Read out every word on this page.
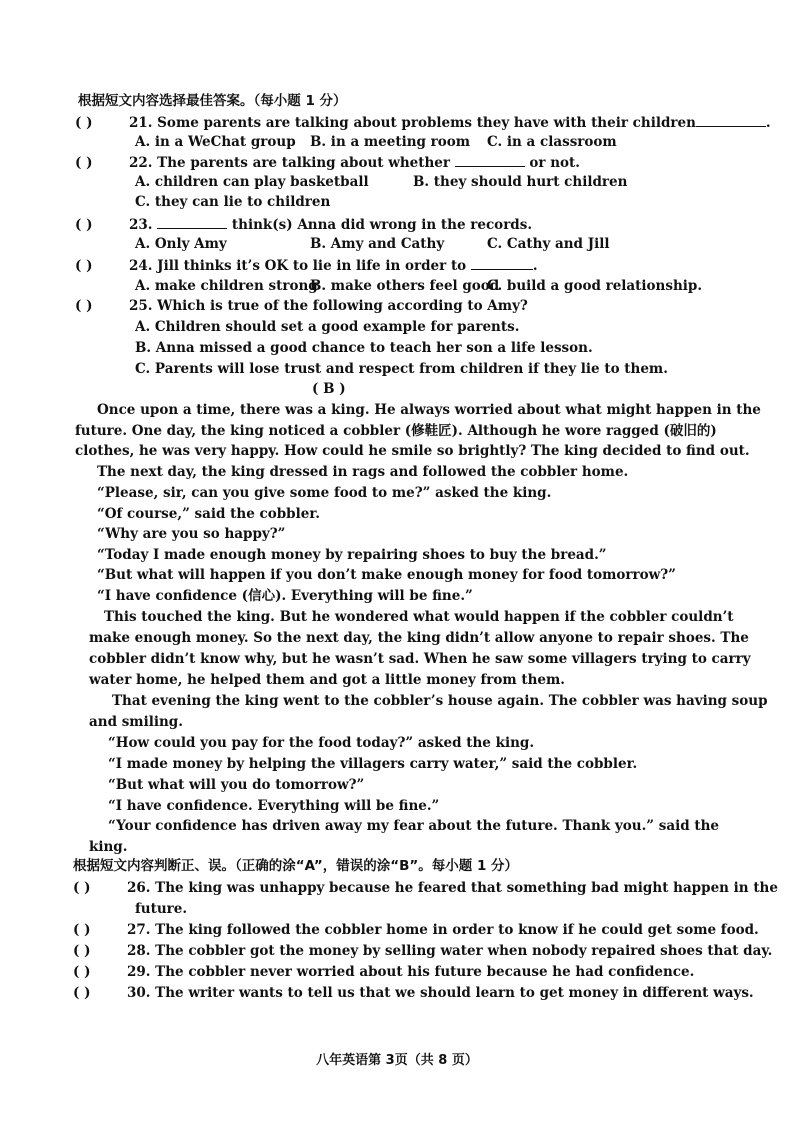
根据短文内容选择最佳答案。（每小题 1 分）
( )	21. Some parents are talking about problems they have with their children	.
A. in a WeChat group B. in a meeting room C. in a classroom
( )	22. The parents are talking about whether	or not.
A. children can play basketball	B. they should hurt children
C. they can lie to children
( )	23.	think(s) Anna did wrong in the records.
A. Only Amy	B. Amy and Cathy	C. Cathy and Jill
( )	24. Jill thinks it’s OK to lie in life in order to	.
A. make children strong
B. make others feel good
C. build a good relationship.
( )	25. Which is true of the following according to Amy?
A. Children should set a good example for parents.
B. Anna missed a good chance to teach her son a life lesson.
C. Parents will lose trust and respect from children if they lie to them.
( B )
Once upon a time, there was a king. He always worried about what might happen in the
future. One day, the king noticed a cobbler (修鞋匠). Although he wore ragged (破旧的)
clothes, he was very happy. How could he smile so brightly? The king decided to find out.
The next day, the king dressed in rags and followed the cobbler home.
“Please, sir, can you give some food to me?” asked the king.
“Of course,” said the cobbler.
“Why are you so happy?”
“Today I made enough money by repairing shoes to buy the bread.”
“But what will happen if you don’t make enough money for food tomorrow?”
“I have confidence (信心). Everything will be fine.”
This touched the king. But he wondered what would happen if the cobbler couldn’t
make enough money. So the next day, the king didn’t allow anyone to repair shoes. The
cobbler didn’t know why, but he wasn’t sad. When he saw some villagers trying to carry
water home, he helped them and got a little money from them.
That evening the king went to the cobbler’s house again. The cobbler was having soup
and smiling.
“How could you pay for the food today?” asked the king.
“I made money by helping the villagers carry water,” said the cobbler.
“But what will you do tomorrow?”
“I have confidence. Everything will be fine.”
“Your confidence has driven away my fear about the future. Thank you.” said the
king.
根据短文内容判断正、误。（正确的涂“A”，错误的涂“B”。每小题 1 分）
( )	26. The king was unhappy because he feared that something bad might happen in the
future.
( )	27. The king followed the cobbler home in order to know if he could get some food.
( )	28. The cobbler got the money by selling water when nobody repaired shoes that day.
( )	29. The cobbler never worried about his future because he had confidence.
( )	30. The writer wants to tell us that we should learn to get money in different ways.
八年英语第 3页（共 8 页）
